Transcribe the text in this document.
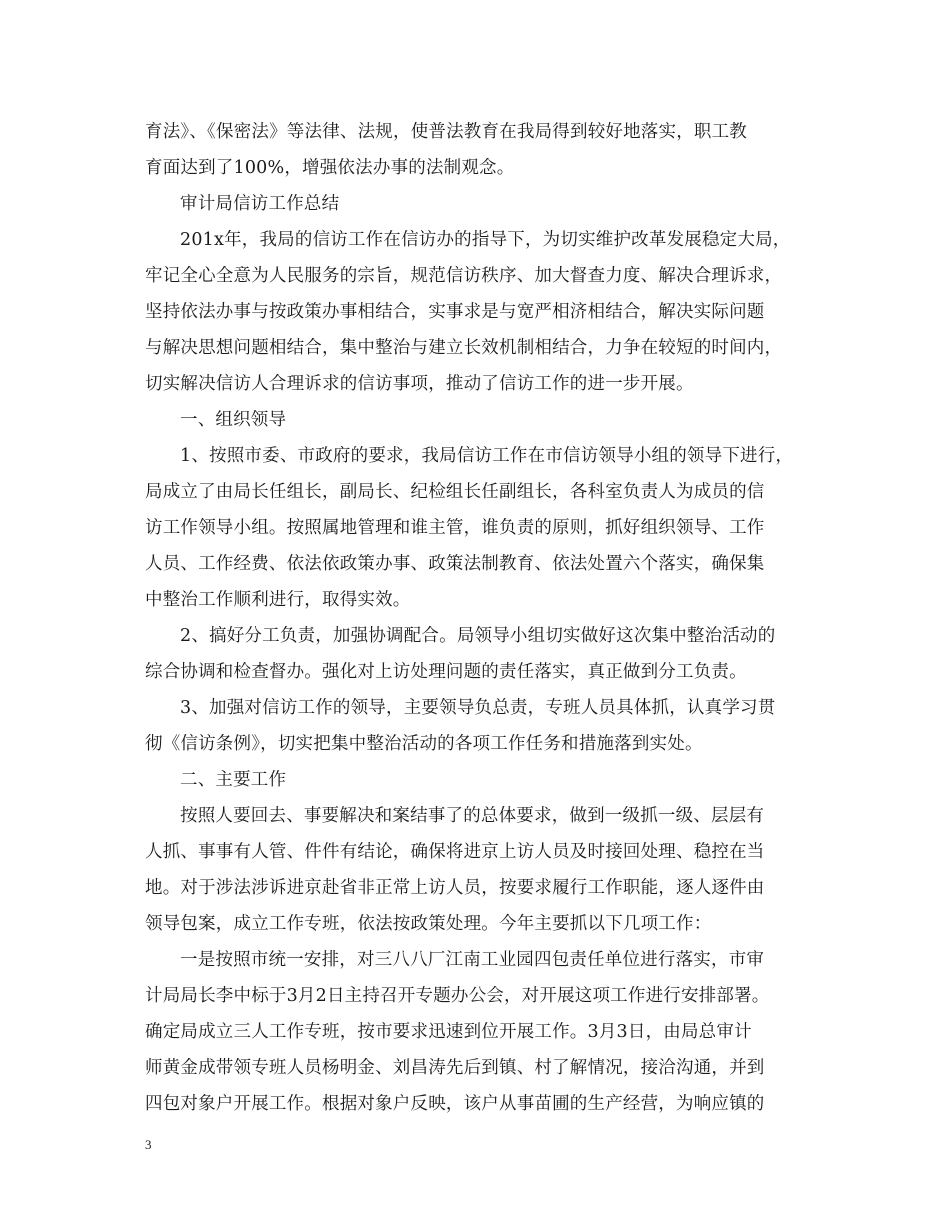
育法》、《保密法》等法律、法规，使普法教育在我局得到较好地落实，职工教
育面达到了100%，增强依法办事的法制观念。
审计局信访工作总结
201x年，我局的信访工作在信访办的指导下，为切实维护改革发展稳定大局，
牢记全心全意为人民服务的宗旨，规范信访秩序、加大督查力度、解决合理诉求，
坚持依法办事与按政策办事相结合，实事求是与宽严相济相结合，解决实际问题
与解决思想问题相结合，集中整治与建立长效机制相结合，力争在较短的时间内，
切实解决信访人合理诉求的信访事项，推动了信访工作的进一步开展。
一、组织领导
1、按照市委、市政府的要求，我局信访工作在市信访领导小组的领导下进行，
局成立了由局长任组长，副局长、纪检组长任副组长，各科室负责人为成员的信
访工作领导小组。按照属地管理和谁主管，谁负责的原则，抓好组织领导、工作
人员、工作经费、依法依政策办事、政策法制教育、依法处置六个落实，确保集
中整治工作顺利进行，取得实效。
2、搞好分工负责，加强协调配合。局领导小组切实做好这次集中整治活动的
综合协调和检查督办。强化对上访处理问题的责任落实，真正做到分工负责。
3、加强对信访工作的领导，主要领导负总责，专班人员具体抓，认真学习贯
彻《信访条例》，切实把集中整治活动的各项工作任务和措施落到实处。
二、主要工作
按照人要回去、事要解决和案结事了的总体要求，做到一级抓一级、层层有
人抓、事事有人管、件件有结论，确保将进京上访人员及时接回处理、稳控在当
地。对于涉法涉诉进京赴省非正常上访人员，按要求履行工作职能，逐人逐件由
领导包案，成立工作专班，依法按政策处理。今年主要抓以下几项工作：
一是按照市统一安排，对三八八厂江南工业园四包责任单位进行落实，市审
计局局长李中标于3月2日主持召开专题办公会，对开展这项工作进行安排部署。
确定局成立三人工作专班，按市要求迅速到位开展工作。3月3日，由局总审计
师黄金成带领专班人员杨明金、刘昌涛先后到镇、村了解情况，接洽沟通，并到
四包对象户开展工作。根据对象户反映，该户从事苗圃的生产经营，为响应镇的
3
